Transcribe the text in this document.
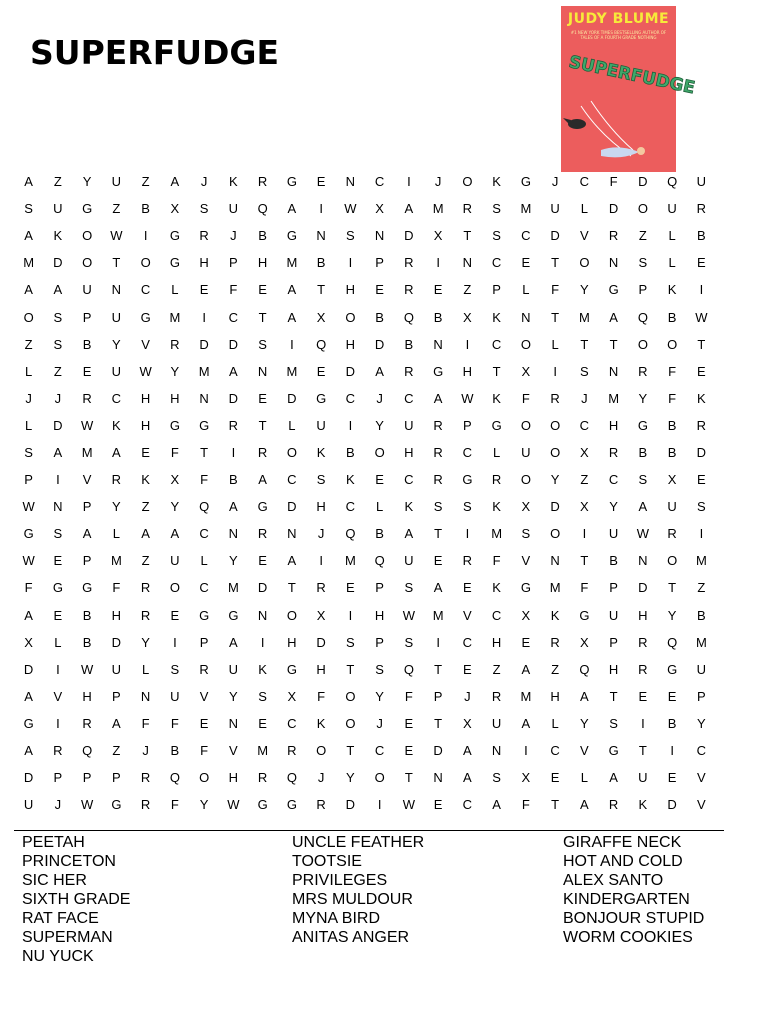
SUPERFUDGE
JUDY BLUME
#1 NEW YORK TIMES BESTSELLING AUTHOR OF TALES OF A FOURTH GRADE NOTHING
SUPERFUDGE
A	Z	Y	U	Z	A	J	K	R	G	E	N	C	I	J	O	K	G	J	C	F	D	Q	U
S	U	G	Z	B	X	S	U	Q	A	I	W	X	A	M	R	S	M	U	L	D	O	U	R
A	K	O	W	I	G	R	J	B	G	N	S	N	D	X	T	S	C	D	V	R	Z	L	B
M	D	O	T	O	G	H	P	H	M	B	I	P	R	I	N	C	E	T	O	N	S	L	E
A	A	U	N	C	L	E	F	E	A	T	H	E	R	E	Z	P	L	F	Y	G	P	K	I
O	S	P	U	G	M	I	C	T	A	X	O	B	Q	B	X	K	N	T	M	A	Q	B	W
Z	S	B	Y	V	R	D	D	S	I	Q	H	D	B	N	I	C	O	L	T	T	O	O	T
L	Z	E	U	W	Y	M	A	N	M	E	D	A	R	G	H	T	X	I	S	N	R	F	E
J	J	R	C	H	H	N	D	E	D	G	C	J	C	A	W	K	F	R	J	M	Y	F	K
L	D	W	K	H	G	G	R	T	L	U	I	Y	U	R	P	G	O	O	C	H	G	B	R
S	A	M	A	E	F	T	I	R	O	K	B	O	H	R	C	L	U	O	X	R	B	B	D
P	I	V	R	K	X	F	B	A	C	S	K	E	C	R	G	R	O	Y	Z	C	S	X	E
W	N	P	Y	Z	Y	Q	A	G	D	H	C	L	K	S	S	K	X	D	X	Y	A	U	S
G	S	A	L	A	A	C	N	R	N	J	Q	B	A	T	I	M	S	O	I	U	W	R	I
W	E	P	M	Z	U	L	Y	E	A	I	M	Q	U	E	R	F	V	N	T	B	N	O	M
F	G	G	F	R	O	C	M	D	T	R	E	P	S	A	E	K	G	M	F	P	D	T	Z
A	E	B	H	R	E	G	G	N	O	X	I	H	W	M	V	C	X	K	G	U	H	Y	B
X	L	B	D	Y	I	P	A	I	H	D	S	P	S	I	C	H	E	R	X	P	R	Q	M
D	I	W	U	L	S	R	U	K	G	H	T	S	Q	T	E	Z	A	Z	Q	H	R	G	U
A	V	H	P	N	U	V	Y	S	X	F	O	Y	F	P	J	R	M	H	A	T	E	E	P
G	I	R	A	F	F	E	N	E	C	K	O	J	E	T	X	U	A	L	Y	S	I	B	Y
A	R	Q	Z	J	B	F	V	M	R	O	T	C	E	D	A	N	I	C	V	G	T	I	C
D	P	P	P	R	Q	O	H	R	Q	J	Y	O	T	N	A	S	X	E	L	A	U	E	V
U	J	W	G	R	F	Y	W	G	G	R	D	I	W	E	C	A	F	T	A	R	K	D	V
PEETAH
PRINCETON
SIC HER
SIXTH GRADE
RAT FACE
SUPERMAN
NU YUCK
UNCLE FEATHER
TOOTSIE
PRIVILEGES
MRS MULDOUR
MYNA BIRD
ANITAS ANGER
GIRAFFE NECK
HOT AND COLD
ALEX SANTO
KINDERGARTEN
BONJOUR STUPID
WORM COOKIES
